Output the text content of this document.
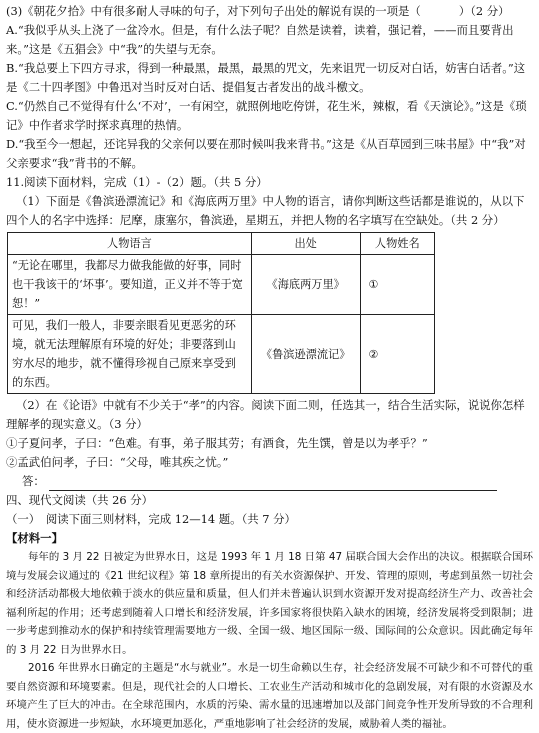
(3)《朝花夕拾》中有很多耐人寻味的句子，对下列句子出处的解说有误的一项是（	）（2 分）

A.“我似乎从头上浇了一盆冷水。但是，有什么法子呢？自然是读着，读着，强记着，——而且要背出来。”这是《五猖会》中“我”的失望与无奈。

B.“我总要上下四方寻求，得到一种最黑，最黑，最黑的咒文，先来诅咒一切反对白话，妨害白话者。”这是《二十四孝图》中鲁迅对当时反对白话、提倡复古者发出的战斗檄文。

C.“仍然自己不觉得有什么‘不对’，一有闲空，就照例地吃侉饼，花生米，辣椒，看《天演论》。”这是《琐记》中作者求学时探求真理的热情。

D.“我至今一想起，还诧异我的父亲何以要在那时候叫我来背书。”这是《从百草园到三味书屋》中“我”对父亲要求“我”背书的不解。

11.阅读下面材料，完成（1）-（2）题。（共 5 分）

（1）下面是《鲁滨逊漂流记》和《海底两万里》中人物的语言，请你判断这些话都是谁说的，从以下四个人的名字中选择：尼摩，康塞尔，鲁滨逊，星期五，并把人物的名字填写在空缺处。（共 2 分）

人物语言	出处	人物姓名
“无论在哪里，我都尽力做我能做的好事，同时也干我该干的‘坏事’。要知道，正义并不等于宽恕！”	《海底两万里》	①
可见，我们一般人，非要亲眼看见更恶劣的环境，就无法理解原有环境的好处；非要落到山穷水尽的地步，就不懂得珍视自己原来享受到的东西。	《鲁滨逊漂流记》	②

（2）在《论语》中就有不少关于“孝”的内容。阅读下面二则，任选其一，结合生活实际，说说你怎样理解孝的现实意义。（3 分）

①子夏问孝，子曰：“色难。有事，弟子服其劳；有酒食，先生馔，曾是以为孝乎？”

②孟武伯问孝，子曰：“父母，唯其疾之忧。”

答：

四、现代文阅读（共 26 分）

（一）　阅读下面三则材料，完成 12—14 题。（共 7 分）

【材料一】

每年的 3 月 22 日被定为世界水日，这是 1993 年 1 月 18 日第 47 届联合国大会作出的决议。根据联合国环境与发展会议通过的《21 世纪议程》第 18 章所提出的有关水资源保护、开发、管理的原则，考虑到虽然一切社会和经济活动都极大地依赖于淡水的供应量和质量，但人们并未普遍认识到水资源开发对提高经济生产力、改善社会福利所起的作用；还考虑到随着人口增长和经济发展，许多国家将很快陷入缺水的困境，经济发展将受到限制；进一步考虑到推动水的保护和持续管理需要地方一级、全国一级、地区国际一级、国际间的公众意识。因此确定每年的 3 月 22 日为世界水日。

2016 年世界水日确定的主题是“水与就业”。水是一切生命赖以生存，社会经济发展不可缺少和不可替代的重要自然资源和环境要素。但是，现代社会的人口增长、工农业生产活动和城市化的急剧发展，对有限的水资源及水环境产生了巨大的冲击。在全球范围内，水质的污染、需水量的迅速增加以及部门间竞争性开发所导致的不合理利用，使水资源进一步短缺，水环境更加恶化，严重地影响了社会经济的发展，威胁着人类的福祉。
